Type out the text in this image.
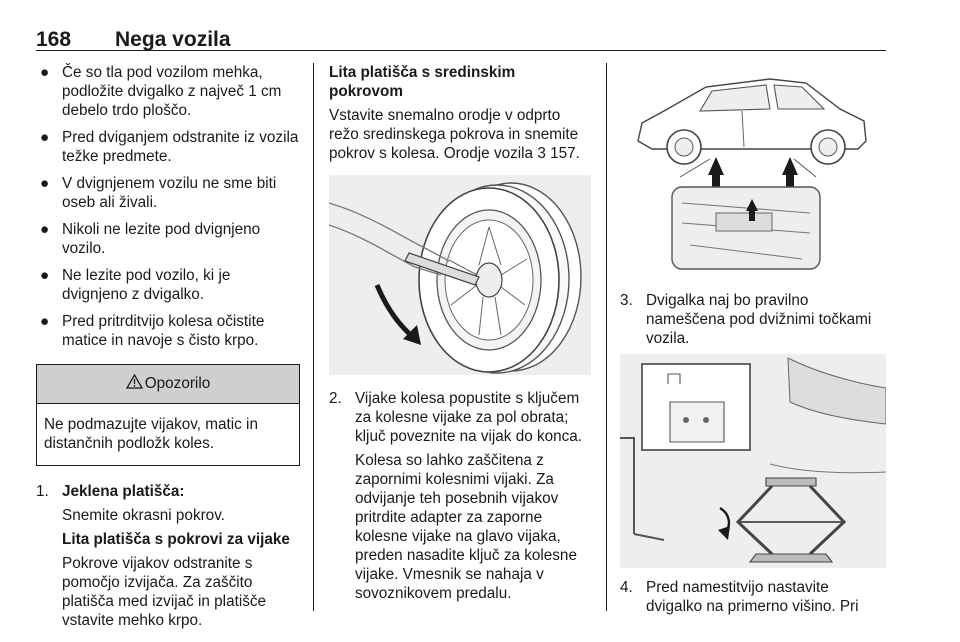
168 Nega vozila
● Če so tla pod vozilom mehka, podložite dvigalko z največ 1 cm debelo trdo ploščo.
● Pred dviganjem odstranite iz vozila težke predmete.
● V dvignjenem vozilu ne sme biti oseb ali živali.
● Nikoli ne lezite pod dvignjeno vozilo.
● Ne lezite pod vozilo, ki je dvignjeno z dvigalko.
● Pred pritrditvijo kolesa očistite matice in navoje s čisto krpo.
Opozorilo
Ne podmazujte vijakov, matic in distančnih podložk koles.
1. Jeklena platišča:
Snemite okrasni pokrov.
Lita platišča s pokrovi za vijake
Pokrove vijakov odstranite s pomočjo izvijača. Za zaščito platišča med izvijač in platišče vstavite mehko krpo.
Lita platišča s sredinskim pokrovom
Vstavite snemalno orodje v odprto režo sredinskega pokrova in snemite pokrov s kolesa. Orodje vozila 3 157.
2. Vijake kolesa popustite s ključem za kolesne vijake za pol obrata; ključ poveznite na vijak do konca.
Kolesa so lahko zaščitena z zapornimi kolesnimi vijaki. Za odvijanje teh posebnih vijakov pritrdite adapter za zaporne kolesne vijake na glavo vijaka, preden nasadite ključ za kolesne vijake. Vmesnik se nahaja v sovoznikovem predalu.
3. Dvigalka naj bo pravilno nameščena pod dvižnimi točkami vozila.
4. Pred namestitvijo nastavite dvigalko na primerno višino. Pri
